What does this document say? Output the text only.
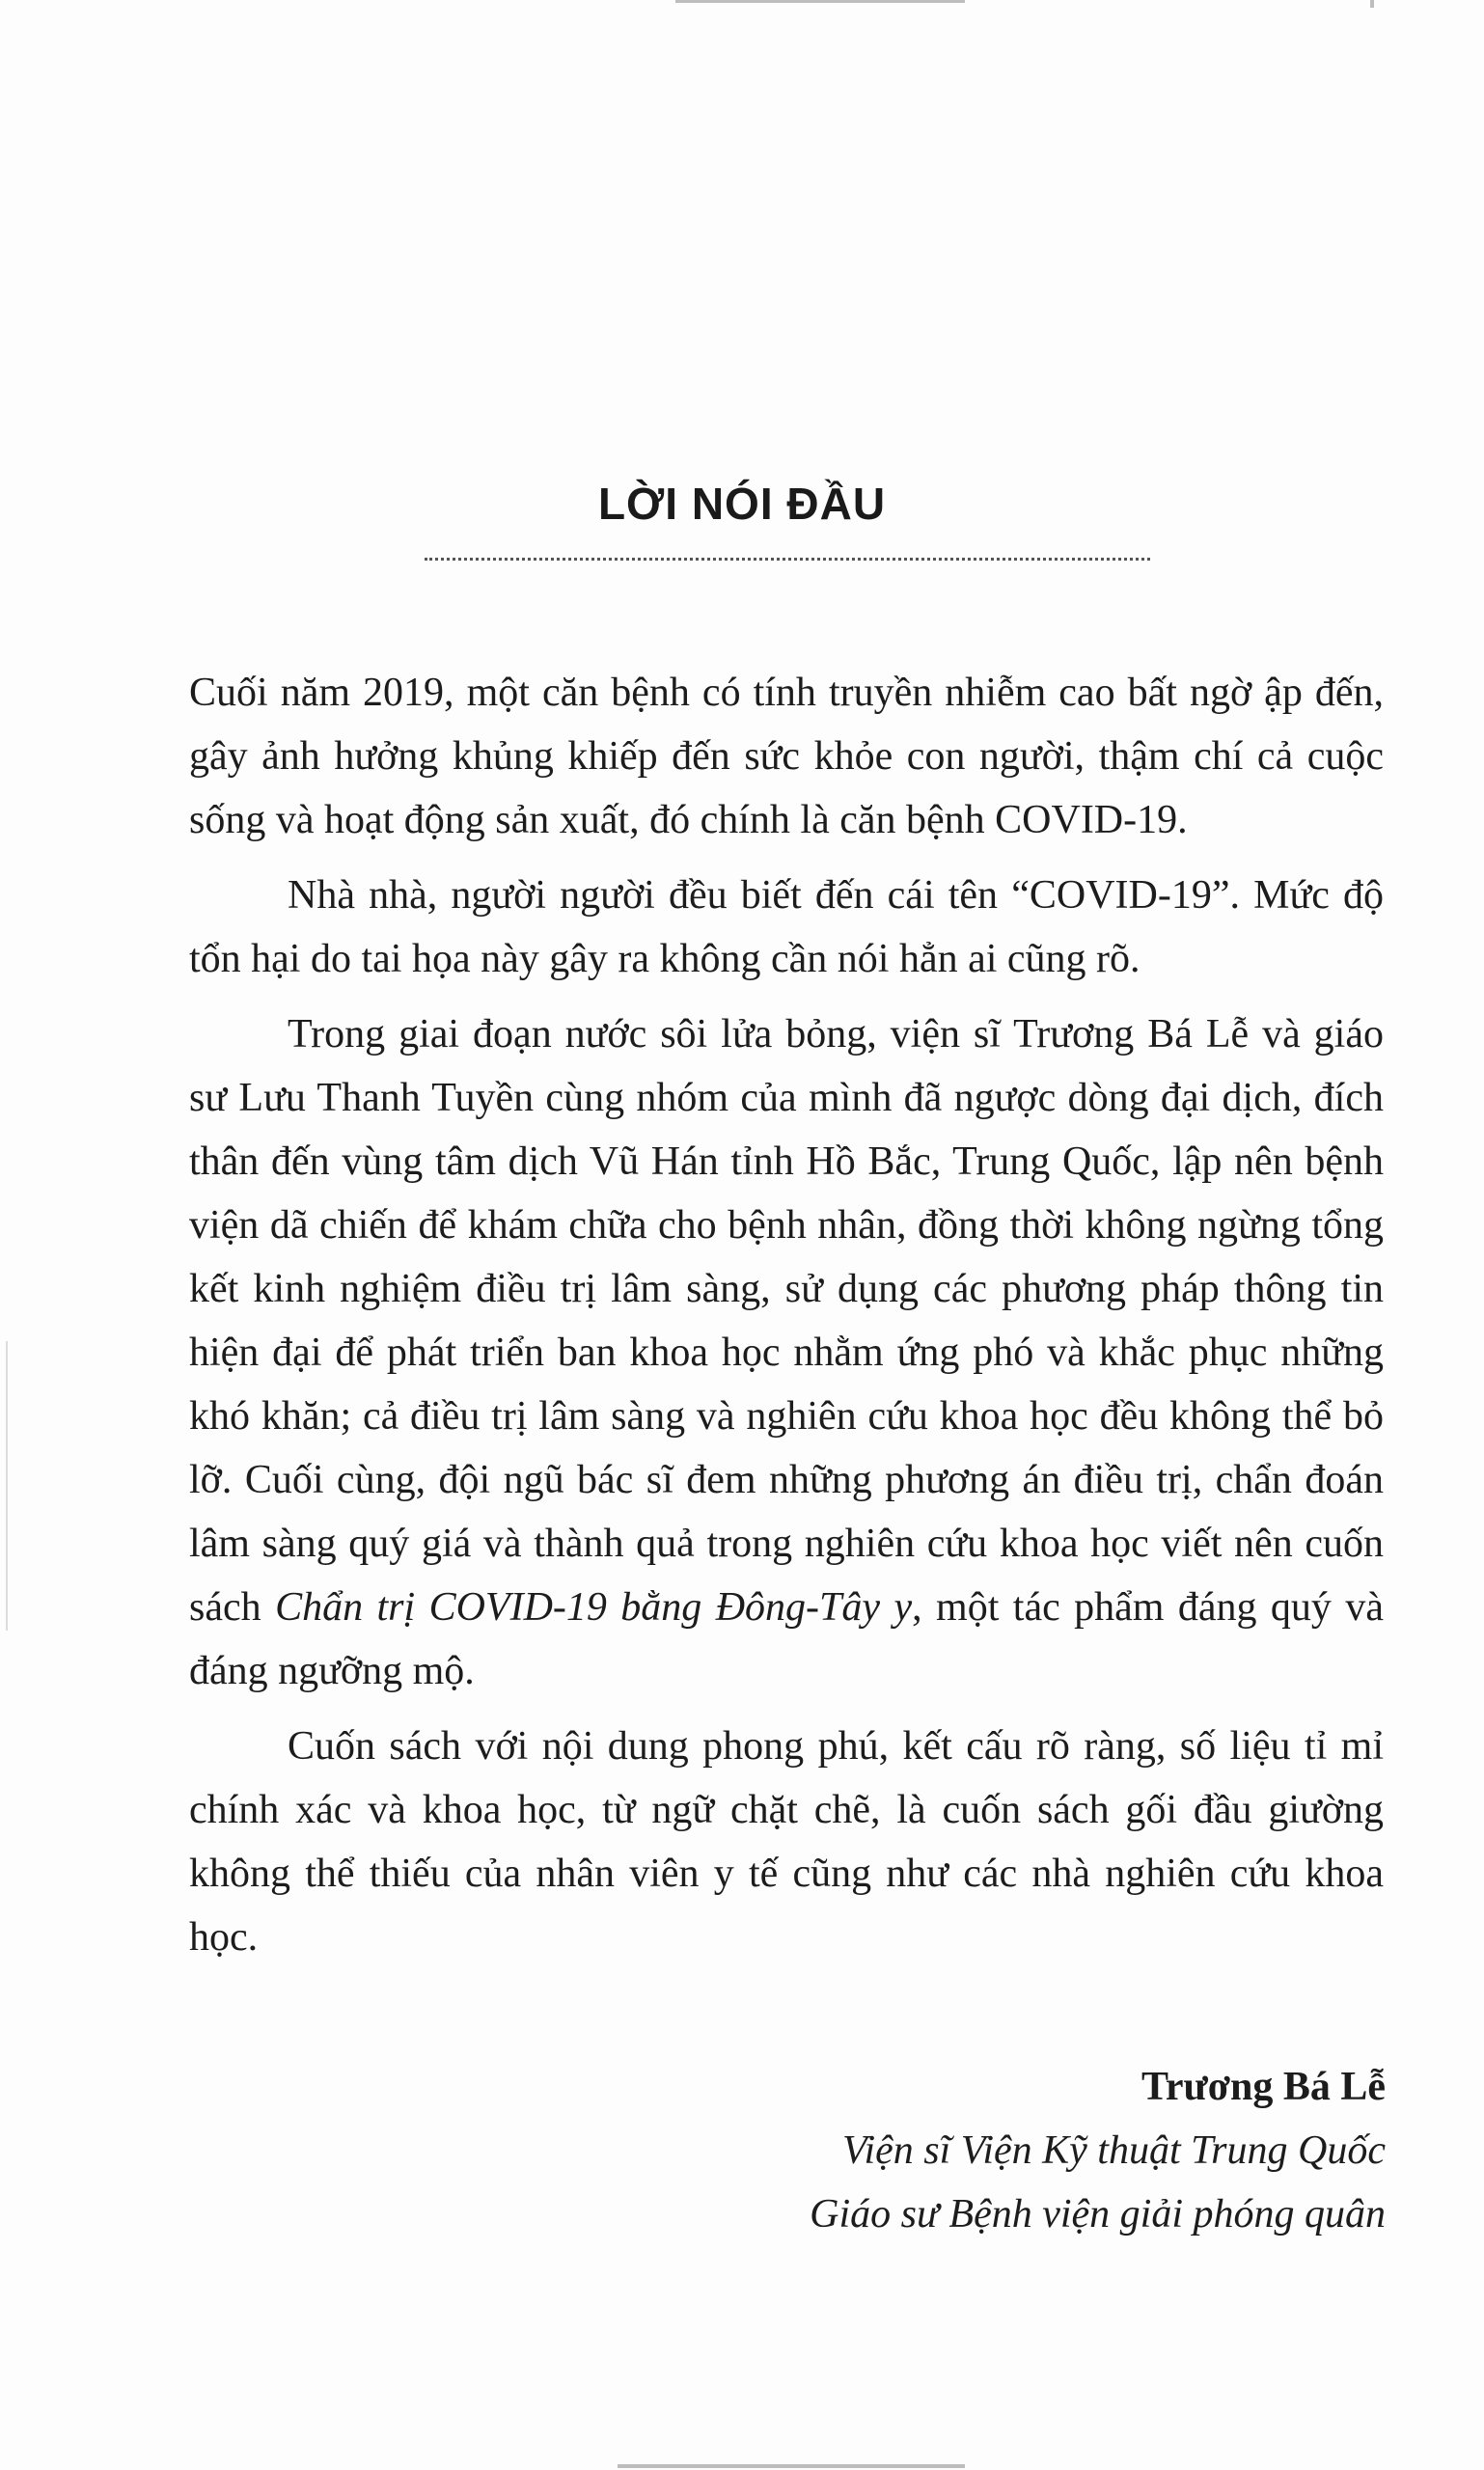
LỜI NÓI ĐẦU

Cuối năm 2019, một căn bệnh có tính truyền nhiễm cao bất ngờ ập đến, gây ảnh hưởng khủng khiếp đến sức khỏe con người, thậm chí cả cuộc sống và hoạt động sản xuất, đó chính là căn bệnh COVID-19.

Nhà nhà, người người đều biết đến cái tên “COVID-19”. Mức độ tổn hại do tai họa này gây ra không cần nói hẳn ai cũng rõ.

Trong giai đoạn nước sôi lửa bỏng, viện sĩ Trương Bá Lễ và giáo sư Lưu Thanh Tuyền cùng nhóm của mình đã ngược dòng đại dịch, đích thân đến vùng tâm dịch Vũ Hán tỉnh Hồ Bắc, Trung Quốc, lập nên bệnh viện dã chiến để khám chữa cho bệnh nhân, đồng thời không ngừng tổng kết kinh nghiệm điều trị lâm sàng, sử dụng các phương pháp thông tin hiện đại để phát triển ban khoa học nhằm ứng phó và khắc phục những khó khăn; cả điều trị lâm sàng và nghiên cứu khoa học đều không thể bỏ lỡ. Cuối cùng, đội ngũ bác sĩ đem những phương án điều trị, chẩn đoán lâm sàng quý giá và thành quả trong nghiên cứu khoa học viết nên cuốn sách Chẩn trị COVID-19 bằng Đông-Tây y, một tác phẩm đáng quý và đáng ngưỡng mộ.

Cuốn sách với nội dung phong phú, kết cấu rõ ràng, số liệu tỉ mỉ chính xác và khoa học, từ ngữ chặt chẽ, là cuốn sách gối đầu giường không thể thiếu của nhân viên y tế cũng như các nhà nghiên cứu khoa học.

Trương Bá Lễ
Viện sĩ Viện Kỹ thuật Trung Quốc
Giáo sư Bệnh viện giải phóng quân
